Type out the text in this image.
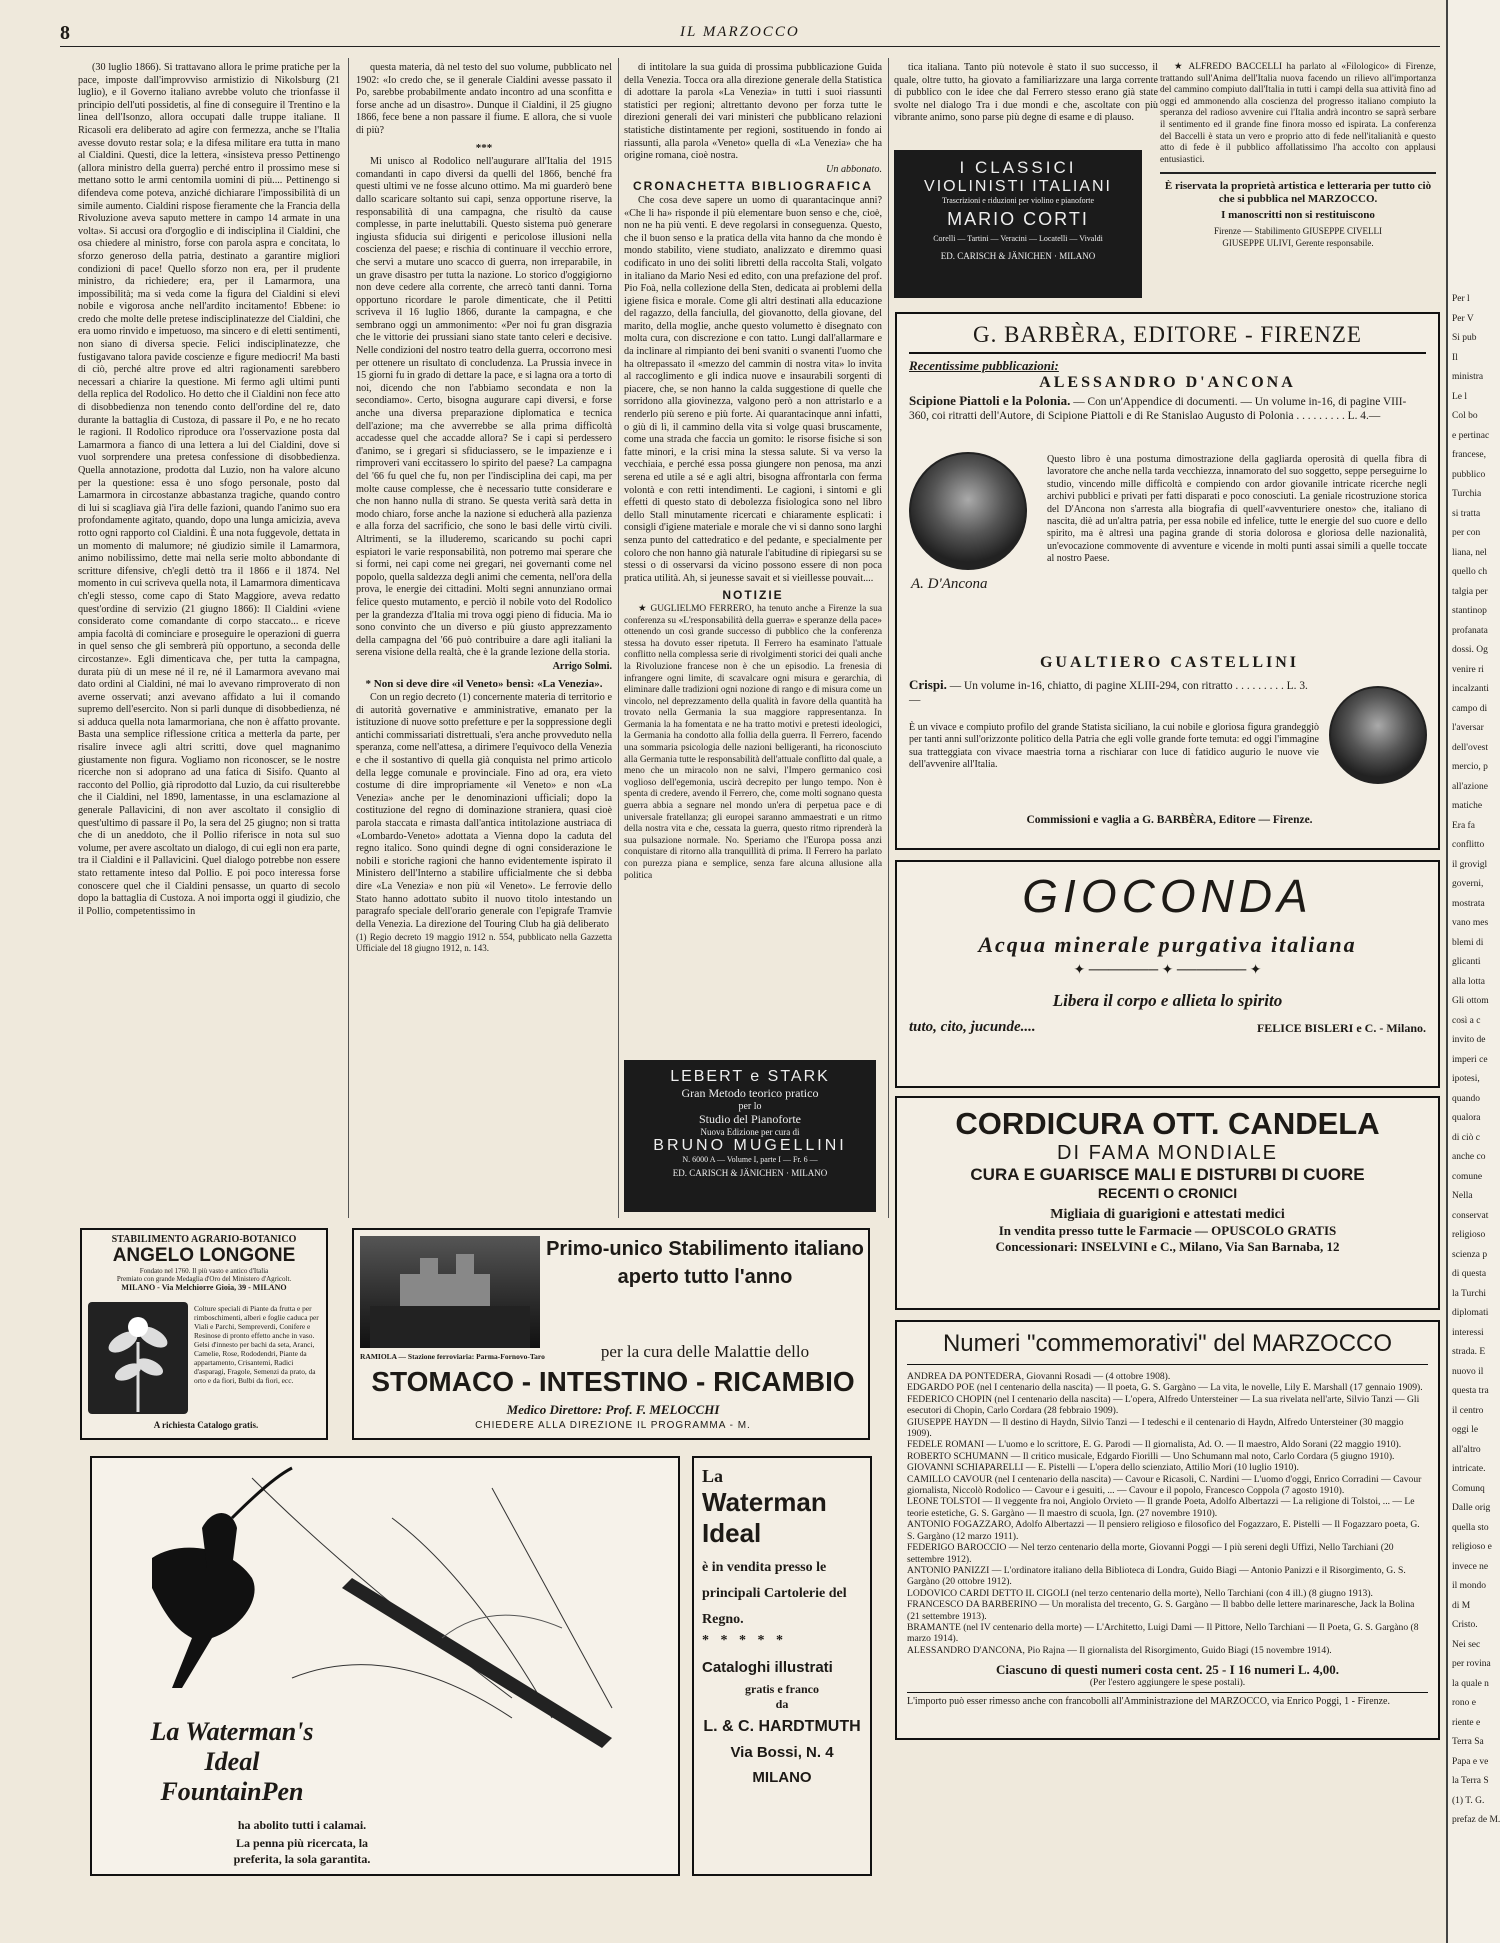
8	IL MARZOCCO

(30 luglio 1866). Si trattavano allora le prime pratiche per la pace, imposte dall'improvviso armistizio di Nikolsburg (21 luglio), e il Governo italiano avrebbe voluto che trionfasse il principio dell'uti possidetis, al fine di conseguire il Trentino e la linea dell'Isonzo, allora occupati dalle truppe italiane. Il Ricasoli era deliberato ad agire con fermezza, anche se l'Italia avesse dovuto restar sola; e la difesa militare era tutta in mano al Cialdini. Questi, dice la lettera, «insisteva presso Pettinengo (allora ministro della guerra) perché entro il prossimo mese si mettano sotto le armi centomila uomini di più.... Pettinengo si difendeva come poteva, anziché dichiarare l'impossibilità di un simile aumento. Cialdini rispose fieramente che la Francia della Rivoluzione aveva saputo mettere in campo 14 armate in una volta». Si accusi ora d'orgoglio e di indisciplina il Cialdini, che osa chiedere al ministro, forse con parola aspra e concitata, lo sforzo generoso della patria, destinato a garantire migliori condizioni di pace! Quello sforzo non era, per il prudente ministro, da richiedere; era, per il Lamarmora, una impossibilità; ma si veda come la figura del Cialdini si elevi nobile e vigorosa anche nell'ardito incitamento! Ebbene: io credo che molte delle pretese indisciplinatezze del Cialdini, che era uomo rinvido e impetuoso, ma sincero e di eletti sentimenti, non siano di diversa specie. Felici indisciplinatezze, che fustigavano talora pavide coscienze e figure mediocri! Ma basti di ciò, perché altre prove ed altri ragionamenti sarebbero necessari a chiarire la questione. Mi fermo agli ultimi punti della replica del Rodolico. Ho detto che il Cialdini non fece atto di disobbedienza non tenendo conto dell'ordine del re, dato durante la battaglia di Custoza, di passare il Po, e ne ho recato le ragioni. Il Rodolico riproduce ora l'osservazione posta dal Lamarmora a fianco di una lettera a lui del Cialdini, dove si vuol sorprendere una pretesa confessione di disobbedienza. Quella annotazione, prodotta dal Luzio, non ha valore alcuno per la questione: essa è uno sfogo personale, posto dal Lamarmora in circostanze abbastanza tragiche, quando contro di lui si scagliava già l'ira delle fazioni, quando l'animo suo era profondamente agitato, quando, dopo una lunga amicizia, aveva rotto ogni rapporto col Cialdini. È una nota fuggevole, dettata in un momento di malumore; né giudizio simile il Lamarmora, animo nobilissimo, dette mai nella serie molto abbondante di scritture difensive, ch'egli dettò tra il 1866 e il 1874. Nel momento in cui scriveva quella nota, il Lamarmora dimenticava ch'egli stesso, come capo di Stato Maggiore, aveva redatto quest'ordine di servizio (21 giugno 1866): Il Cialdini «viene considerato come comandante di corpo staccato... e riceve ampia facoltà di cominciare e proseguire le operazioni di guerra in quel senso che gli sembrerà più opportuno, a seconda delle circostanze». Egli dimenticava che, per tutta la campagna, durata più di un mese né il re, né il Lamarmora avevano mai dato ordini al Cialdini, né mai lo avevano rimproverato di non averne osservati; anzi avevano affidato a lui il comando supremo dell'esercito. Non si parli dunque di disobbedienza, né si adduca quella nota lamarmoriana, che non è affatto provante. Basta una semplice riflessione critica a metterla da parte, per risalire invece agli altri scritti, dove quel magnanimo giustamente non figura. Vogliamo non riconoscer, se le nostre ricerche non si adoprano ad una fatica di Sisifo. Quanto al racconto del Pollio, già riprodotto dal Luzio, da cui risulterebbe che il Cialdini, nel 1890, lamentasse, in una esclamazione al generale Pallavicini, di non aver ascoltato il consiglio di quest'ultimo di passare il Po, la sera del 25 giugno; non si tratta che di un aneddoto, che il Pollio riferisce in nota sul suo volume, per avere ascoltato un dialogo, di cui egli non era parte, tra il Cialdini e il Pallavicini. Quel dialogo potrebbe non essere stato rettamente inteso dal Pollio. E poi poco interessa forse conoscere quel che il Cialdini pensasse, un quarto di secolo dopo la battaglia di Custoza. A noi importa oggi il giudizio, che il Pollio, competentissimo in

questa materia, dà nel testo del suo volume, pubblicato nel 1902: «Io credo che, se il generale Cialdini avesse passato il Po, sarebbe probabilmente andato incontro ad una sconfitta e forse anche ad un disastro». Dunque il Cialdini, il 25 giugno 1866, fece bene a non passare il fiume. E allora, che si vuole di più?

***

Mi unisco al Rodolico nell'augurare all'Italia del 1915 comandanti in capo diversi da quelli del 1866, benché fra questi ultimi ve ne fosse alcuno ottimo. Ma mi guarderò bene dallo scaricare soltanto sui capi, senza opportune riserve, la responsabilità di una campagna, che risultò da cause complesse, in parte ineluttabili. Questo sistema può generare ingiusta sfiducia sui dirigenti e pericolose illusioni nella coscienza del paese; e rischia di continuare il vecchio errore, che servì a mutare uno scacco di guerra, non irreparabile, in un grave disastro per tutta la nazione. Lo storico d'oggigiorno non deve cedere alla corrente, che arrecò tanti danni. Torna opportuno ricordare le parole dimenticate, che il Petitti scriveva il 16 luglio 1866, durante la campagna, e che sembrano oggi un ammonimento: «Per noi fu gran disgrazia che le vittorie dei prussiani siano state tanto celeri e decisive. Nelle condizioni del nostro teatro della guerra, occorrono mesi per ottenere un risultato di concludenza. La Prussia invece in 15 giorni fu in grado di dettare la pace, e si lagna ora a torto di noi, dicendo che non l'abbiamo secondata e non la secondiamo». Certo, bisogna augurare capi diversi, e forse anche una diversa preparazione diplomatica e tecnica dell'azione; ma che avverrebbe se alla prima difficoltà accadesse quel che accadde allora? Se i capi si perdessero d'animo, se i gregari si sfiduciassero, se le impazienze e i rimproveri vani eccitassero lo spirito del paese? La campagna del '66 fu quel che fu, non per l'indisciplina dei capi, ma per molte cause complesse, che è necessario tutte considerare e che non hanno nulla di strano. Se questa verità sarà detta in modo chiaro, forse anche la nazione si educherà alla pazienza e alla forza del sacrificio, che sono le basi delle virtù civili. Altrimenti, se la illuderemo, scaricando su pochi capri espiatori le varie responsabilità, non potremo mai sperare che si formi, nei capi come nei gregari, nei governanti come nel popolo, quella saldezza degli animi che cementa, nell'ora della prova, le energie dei cittadini. Molti segni annunziano ormai felice questo mutamento, e perciò il nobile voto del Rodolico per la grandezza d'Italia mi trova oggi pieno di fiducia. Ma io sono convinto che un diverso e più giusto apprezzamento della campagna del '66 può contribuire a dare agli italiani la serena visione della realtà, che è la grande lezione della storia.

Arrigo Solmi.
* Non si deve dire «il Veneto» bensì: «La Venezia».

Con un regio decreto (1) concernente materia di territorio e di autorità governative e amministrative, emanato per la istituzione di nuove sotto prefetture e per la soppressione degli antichi commissariati distrettuali, s'era anche provveduto nella speranza, come nell'attesa, a dirimere l'equivoco della Venezia e che il sostantivo di quella già conquista nel primo articolo della legge comunale e provinciale. Fino ad ora, era vieto costume di dire impropriamente «il Veneto» e non «La Venezia» anche per le denominazioni ufficiali; dopo la costituzione del regno di dominazione straniera, quasi cioè parola staccata e rimasta dall'antica intitolazione austriaca di «Lombardo-Veneto» adottata a Vienna dopo la caduta del regno italico. Sono quindi degne di ogni considerazione le nobili e storiche ragioni che hanno evidentemente ispirato il Ministero dell'Interno a stabilire ufficialmente che si debba dire «La Venezia» e non più «il Veneto». Le ferrovie dello Stato hanno adottato subito il nuovo titolo intestando un paragrafo speciale dell'orario generale con l'epigrafe Tramvie della Venezia. La direzione del Touring Club ha già deliberato

(1) Regio decreto 19 maggio 1912 n. 554, pubblicato nella Gazzetta Ufficiale del 18 giugno 1912, n. 143.

di intitolare la sua guida di prossima pubblicazione Guida della Venezia. Tocca ora alla direzione generale della Statistica di adottare la parola «La Venezia» in tutti i suoi riassunti statistici per regioni; altrettanto devono per forza tutte le direzioni generali dei vari ministeri che pubblicano relazioni statistiche distintamente per regioni, sostituendo in fondo ai riassunti, alla parola «Veneto» quella di «La Venezia» che ha origine romana, cioè nostra.

Un abbonato.
CRONACHETTA BIBLIOGRAFICA

Che cosa deve sapere un uomo di quarantacinque anni? «Che li ha» risponde il più elementare buon senso e che, cioè, non ne ha più venti. E deve regolarsi in conseguenza. Questo, che il buon senso e la pratica della vita hanno da che mondo è mondo stabilito, viene studiato, analizzato e diremmo quasi codificato in uno dei soliti libretti della raccolta Stali, volgato in italiano da Mario Nesi ed edito, con una prefazione del prof. Pio Foà, nella collezione della Sten, dedicata ai problemi della igiene fisica e morale. Come gli altri destinati alla educazione del ragazzo, della fanciulla, del giovanotto, della giovane, del marito, della moglie, anche questo volumetto è disegnato con molta cura, con discrezione e con tatto. Lungi dall'allarmare e da inclinare al rimpianto dei beni svaniti o svanenti l'uomo che ha oltrepassato il «mezzo del cammin di nostra vita» lo invita al raccoglimento e gli indica nuove e insaurabili sorgenti di piacere, che, se non hanno la calda suggestione di quelle che sorridono alla giovinezza, valgono però a non attristarlo e a renderlo più sereno e più forte. Ai quarantacinque anni infatti, o giù di lì, il cammino della vita si volge quasi bruscamente, come una strada che faccia un gomito: le risorse fisiche si son fatte minori, e la crisi mina la stessa salute. Si va verso la vecchiaia, e perché essa possa giungere non penosa, ma anzi serena ed utile a sé e agli altri, bisogna affrontarla con ferma volontà e con retti intendimenti. Le cagioni, i sintomi e gli effetti di questo stato di debolezza fisiologica sono nel libro dello Stall minutamente ricercati e chiaramente esplicati: i consigli d'igiene materiale e morale che vi si danno sono larghi senza punto del cattedratico e del pedante, e specialmente per coloro che non hanno già naturale l'abitudine di ripiegarsi su se stessi o di osservarsi da vicino possono essere di non poca pratica utilità. Ah, si jeunesse savait et si vieillesse pouvait....

NOTIZIE

★ GUGLIELMO FERRERO, ha tenuto anche a Firenze la sua conferenza su «L'responsabilità della guerra» e speranze della pace» ottenendo un così grande successo di pubblico che la conferenza stessa ha dovuto esser ripetuta. Il Ferrero ha esaminato l'attuale conflitto nella complessa serie di rivolgimenti storici dei quali anche la Rivoluzione francese non è che un episodio. La frenesia di infrangere ogni limite, di scavalcare ogni misura e gerarchia, di eliminare dalle tradizioni ogni nozione di rango e di misura come un vincolo, nel deprezzamento della qualità in favore della quantità ha trovato nella Germania la sua maggiore rappresentanza. In Germania la ha fomentata e ne ha tratto motivi e pretesti ideologici, la Germania ha condotto alla follia della guerra. Il Ferrero, facendo una sommaria psicologia delle nazioni belligeranti, ha riconosciuto alla Germania tutte le responsabilità dell'attuale conflitto dal quale, a meno che un miracolo non ne salvi, l'Impero germanico così voglioso dell'egemonia, uscirà decrepito per lungo tempo. Non è spenta di credere, avendo il Ferrero, che, come molti sognano questa guerra abbia a segnare nel mondo un'era di perpetua pace e di universale fratellanza; gli europei saranno ammaestrati e un ritmo della nostra vita e che, cessata la guerra, questo ritmo riprenderà la sua pulsazione normale. No. Speriamo che l'Europa possa anzi conquistare di ritorno alla tranquillità di prima. Il Ferrero ha parlato con purezza piana e semplice, senza fare alcuna allusione alla politica

LEBERT e STARK
Gran Metodo teorico pratico
per lo
Studio del Pianoforte
Nuova Edizione per cura di
BRUNO MUGELLINI
N. 6000 A — Volume I, parte I — Fr. 6 —
ED. CARISCH & JÄNICHEN · MILANO

tica italiana. Tanto più notevole è stato il suo successo, il quale, oltre tutto, ha giovato a familiarizzare una larga corrente di pubblico con le idee che dal Ferrero stesso erano già state svolte nel dialogo Tra i due mondi e che, ascoltate con più vibrante animo, sono parse più degne di esame e di plauso.

I CLASSICI
VIOLINISTI ITALIANI
Trascrizioni e riduzioni per violino e pianoforte
MARIO CORTI
Corelli — Tartini — Veracini — Locatelli — Vivaldi
ED. CARISCH & JÄNICHEN · MILANO

★ ALFREDO BACCELLI ha parlato al «Filologico» di Firenze, trattando sull'Anima dell'Italia nuova facendo un rilievo all'importanza del cammino compiuto dall'Italia in tutti i campi della sua attività fino ad oggi ed ammonendo alla coscienza del progresso italiano compiuto la speranza del radioso avvenire cui l'Italia andrà incontro se saprà serbare il sentimento ed il grande fine finora mosso ed ispirata. La conferenza del Baccelli è stata un vero e proprio atto di fede nell'italianità e questo atto di fede è il pubblico affollatissimo l'ha accolto con applausi entusiastici.

È riservata la proprietà artistica e letteraria per tutto ciò che si pubblica nel MARZOCCO.
I manoscritti non si restituiscono
Firenze — Stabilimento GIUSEPPE CIVELLI
GIUSEPPE ULIVI, Gerente responsabile.
G. BARBÈRA, EDITORE - FIRENZE
Recentissime pubblicazioni:
ALESSANDRO D'ANCONA
Scipione Piattoli e la Polonia. — Con un'Appendice di documenti. — Un volume in-16, di pagine VIII-360, coi ritratti dell'Autore, di Scipione Piattoli e di Re Stanislao Augusto di Polonia . . . . . . . . . L. 4.—
A. D'Ancona
Questo libro è una postuma dimostrazione della gagliarda operosità di quella fibra di lavoratore che anche nella tarda vecchiezza, innamorato del suo soggetto, seppe perseguirne lo studio, vincendo mille difficoltà e compiendo con ardor giovanile intricate ricerche negli archivi pubblici e privati per fatti disparati e poco conosciuti. La geniale ricostruzione storica del D'Ancona non s'arresta alla biografia di quell'«avventuriere onesto» che, italiano di nascita, diè ad un'altra patria, per essa nobile ed infelice, tutte le energie del suo cuore e dello spirito, ma è altresì una pagina grande di storia dolorosa e gloriosa delle nazionalità, un'evocazione commovente di avventure e vicende in molti punti assai simili a quelle toccate al nostro Paese.
GUALTIERO CASTELLINI
Crispi. — Un volume in-16, chiatto, di pagine XLIII-294, con ritratto . . . . . . . . . L. 3.—
È un vivace e compiuto profilo del grande Statista siciliano, la cui nobile e gloriosa figura grandeggiò per tanti anni sull'orizzonte politico della Patria che egli volle grande forte temuta: ed oggi l'immagine sua tratteggiata con vivace maestria torna a rischiarar con luce di fatidico augurio le nuove vie dell'avvenire all'Italia.
Commissioni e vaglia a G. BARBÈRA, Editore — Firenze.
GIOCONDA
Acqua minerale purgativa italiana
✦ ─────── ✦ ─────── ✦
Libera il corpo e allieta lo spirito
tuto, cito, jucunde....	FELICE BISLERI e C. - Milano.
CORDICURA OTT. CANDELA
DI FAMA MONDIALE
CURA E GUARISCE MALI E DISTURBI DI CUORE
RECENTI O CRONICI
Migliaia di guarigioni e attestati medici
In vendita presso tutte le Farmacie — OPUSCOLO GRATIS
Concessionari: INSELVINI e C., Milano, Via San Barnaba, 12
Numeri "commemorativi" del MARZOCCO
ANDREA DA PONTEDERA, Giovanni Rosadi — (4 ottobre 1908).
EDGARDO POE (nel I centenario della nascita) — Il poeta, G. S. Gargàno — La vita, le novelle, Lily E. Marshall (17 gennaio 1909).
FEDERICO CHOPIN (nel I centenario della nascita) — L'opera, Alfredo Untersteiner — La sua rivelata nell'arte, Silvio Tanzi — Gli esecutori di Chopin, Carlo Cordara (28 febbraio 1909).
GIUSEPPE HAYDN — Il destino di Haydn, Silvio Tanzi — I tedeschi e il centenario di Haydn, Alfredo Untersteiner (30 maggio 1909).
FEDELE ROMANI — L'uomo e lo scrittore, E. G. Parodi — Il giornalista, Ad. O. — Il maestro, Aldo Sorani (22 maggio 1910).
ROBERTO SCHUMANN — Il critico musicale, Edgardo Fiorilli — Uno Schumann mal noto, Carlo Cordara (5 giugno 1910).
GIOVANNI SCHIAPARELLI — E. Pistelli — L'opera dello scienziato, Attilio Mori (10 luglio 1910).
CAMILLO CAVOUR (nel I centenario della nascita) — Cavour e Ricasoli, C. Nardini — L'uomo d'oggi, Enrico Corradini — Cavour giornalista, Niccolò Rodolico — Cavour e i gesuiti, ... — Cavour e il popolo, Francesco Coppola (7 agosto 1910).
LEONE TOLSTOI — Il veggente fra noi, Angiolo Orvieto — Il grande Poeta, Adolfo Albertazzi — La religione di Tolstoi, ... — Le teorie estetiche, G. S. Gargàno — Il maestro di scuola, Ign. (27 novembre 1910).
ANTONIO FOGAZZARO, Adolfo Albertazzi — Il pensiero religioso e filosofico del Fogazzaro, E. Pistelli — Il Fogazzaro poeta, G. S. Gargàno (12 marzo 1911).
FEDERIGO BAROCCIO — Nel terzo centenario della morte, Giovanni Poggi — I più sereni degli Uffizi, Nello Tarchiani (20 settembre 1912).
ANTONIO PANIZZI — L'ordinatore italiano della Biblioteca di Londra, Guido Biagi — Antonio Panizzi e il Risorgimento, G. S. Gargàno (20 ottobre 1912).
LODOVICO CARDI DETTO IL CIGOLI (nel terzo centenario della morte), Nello Tarchiani (con 4 ill.) (8 giugno 1913).
FRANCESCO DA BARBERINO — Un moralista del trecento, G. S. Gargàno — Il babbo delle lettere marinaresche, Jack la Bolina (21 settembre 1913).
BRAMANTE (nel IV centenario della morte) — L'Architetto, Luigi Dami — Il Pittore, Nello Tarchiani — Il Poeta, G. S. Gargàno (8 marzo 1914).
ALESSANDRO D'ANCONA, Pio Rajna — Il giornalista del Risorgimento, Guido Biagi (15 novembre 1914).
Ciascuno di questi numeri costa cent. 25 - I 16 numeri L. 4,00.
(Per l'estero aggiungere le spese postali).
L'importo può esser rimesso anche con francobolli all'Amministrazione del MARZOCCO, via Enrico Poggi, 1 - Firenze.
STABILIMENTO AGRARIO-BOTANICO
ANGELO LONGONE
Fondato nel 1760. Il più vasto e antico d'Italia
Premiato con grande Medaglia d'Oro del Ministero d'Agricolt.
MILANO - Via Melchiorre Gioia, 39 - MILANO
Colture speciali di Piante da frutta e per rimboschimenti, alberi e foglie caduca per Viali e Parchi, Sempreverdi, Conifere e Resinose di pronto effetto anche in vaso. Gelsi d'innesto per bachi da seta, Aranci, Camelie, Rose, Rododendri, Piante da appartamento, Crisantemi, Radici d'asparagi, Fragole, Semenzi da prato, da orto e da fiori, Bulbi da fiori, ecc.
A richiesta Catalogo gratis.
Primo-unico Stabilimento italiano
aperto tutto l'anno
RAMIOLA — Stazione ferroviaria: Parma-Fornovo-Taro	per la cura delle Malattie dello
STOMACO - INTESTINO - RICAMBIO
Medico Direttore: Prof. F. MELOCCHI
CHIEDERE ALLA DIREZIONE IL PROGRAMMA - M.
La Waterman's
Ideal
FountainPen
ha abolito tutti i calamai.
La penna più ricercata, la
preferita, la sola garantita.
La
Waterman
Ideal
è in vendita presso le principali Cartolerie del Regno.
* * * * *
Cataloghi illustrati
gratis e franco
da
L. & C. HARDTMUTH
Via Bossi, N. 4
MILANO
Per l
Per V
Si pub
Il
ministra
Le l
Col bo
e pertinac
francese,
pubblico
Turchia
si tratta
per con
liana, nel
quello ch
talgia per
stantinop
profanata
dossi. Og
venire ri
incalzanti
campo di
l'aversar
dell'ovest
mercio, p
all'azione
matiche
Era fa
conflitto
il grovigl
governi,
mostrata
vano mes
blemi di
glicanti
alla lotta
Gli ottom
così a c
invito de
imperi ce
ipotesi,
quando
qualora
di ciò c
anche co
comune
Nella
conservat
religioso
scienza p
di questa
la Turchi
diplomati
interessi
strada. E
nuovo il
questa tra
il centro
oggi le
all'altro
intricate.
Comunq
Dalle orig
quella sto
religioso e
invece ne
il mondo
di M
Cristo.
Nei sec
per rovina
la quale n
rono e
riente e
Terra Sa
Papa e ve
la Terra S
(1) T. G.
prefaz de M.
